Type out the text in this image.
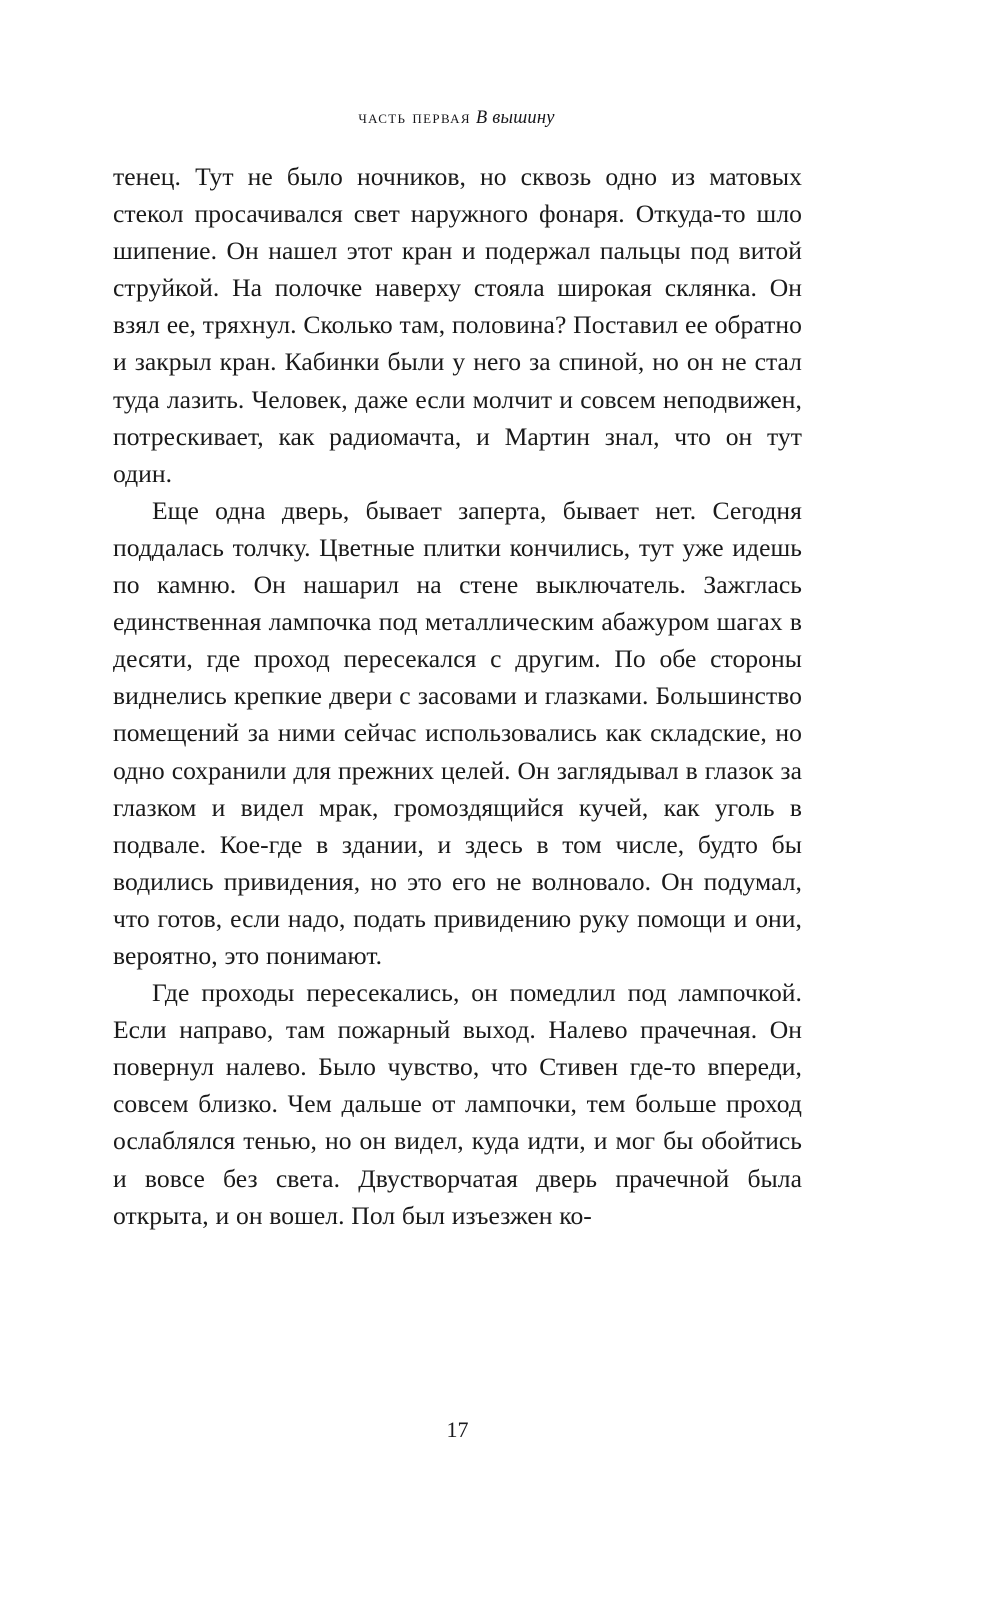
часть первая В вышину

тенец. Тут не было ночников, но сквозь одно из матовых стекол просачивался свет наружного фонаря. Откуда-то шло шипение. Он нашел этот кран и подержал пальцы под витой струйкой. На полочке наверху стояла широкая склянка. Он взял ее, тряхнул. Сколько там, половина? Поставил ее обратно и закрыл кран. Кабинки были у него за спиной, но он не стал туда лазить. Человек, даже если молчит и совсем неподвижен, потрескивает, как радиомачта, и Мартин знал, что он тут один.

Еще одна дверь, бывает заперта, бывает нет. Сегодня поддалась толчку. Цветные плитки кончились, тут уже идешь по камню. Он нашарил на стене выключатель. Зажглась единственная лампочка под металлическим абажуром шагах в десяти, где проход пересекался с другим. По обе стороны виднелись крепкие двери с засовами и глазками. Большинство помещений за ними сейчас использовались как складские, но одно сохранили для прежних целей. Он заглядывал в глазок за глазком и видел мрак, громоздящийся кучей, как уголь в подвале. Кое-где в здании, и здесь в том числе, будто бы водились привидения, но это его не волновало. Он подумал, что готов, если надо, подать привидению руку помощи и они, вероятно, это понимают.

Где проходы пересекались, он помедлил под лампочкой. Если направо, там пожарный выход. Налево прачечная. Он повернул налево. Было чувство, что Стивен где-то впереди, совсем близко. Чем дальше от лампочки, тем больше проход ослаблялся тенью, но он видел, куда идти, и мог бы обойтись и вовсе без света. Двустворчатая дверь прачечной была открыта, и он вошел. Пол был изъезжен ко-

17
